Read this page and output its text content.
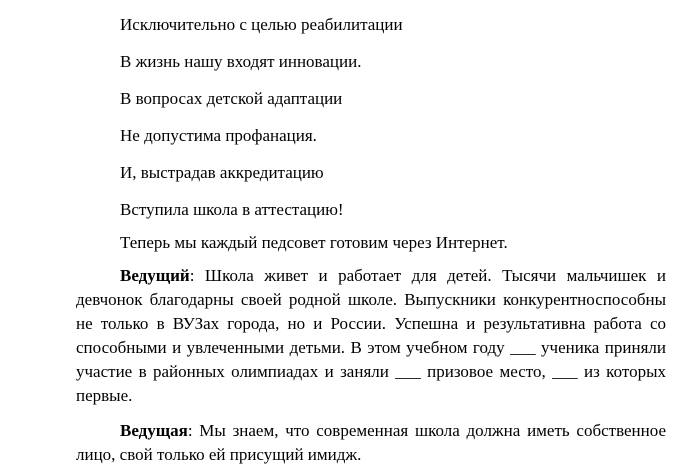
Исключительно с целью реабилитации
В жизнь нашу входят инновации.
В вопросах детской адаптации
Не допустима профанация.
И, выстрадав аккредитацию
Вступила школа в аттестацию!
Теперь мы каждый педсовет готовим через Интернет.
Ведущий: Школа живет и работает для детей. Тысячи мальчишек и девчонок благодарны своей родной школе. Выпускники конкурентноспособны не только в ВУЗах города, но и России. Успешна и результативна работа со способными и увлеченными детьми. В этом учебном году ___ ученика приняли участие в районных олимпиадах и заняли ___ призовое место, ___ из которых первые.
Ведущая: Мы знаем, что современная школа должна иметь собственное лицо, свой только ей присущий имидж.
